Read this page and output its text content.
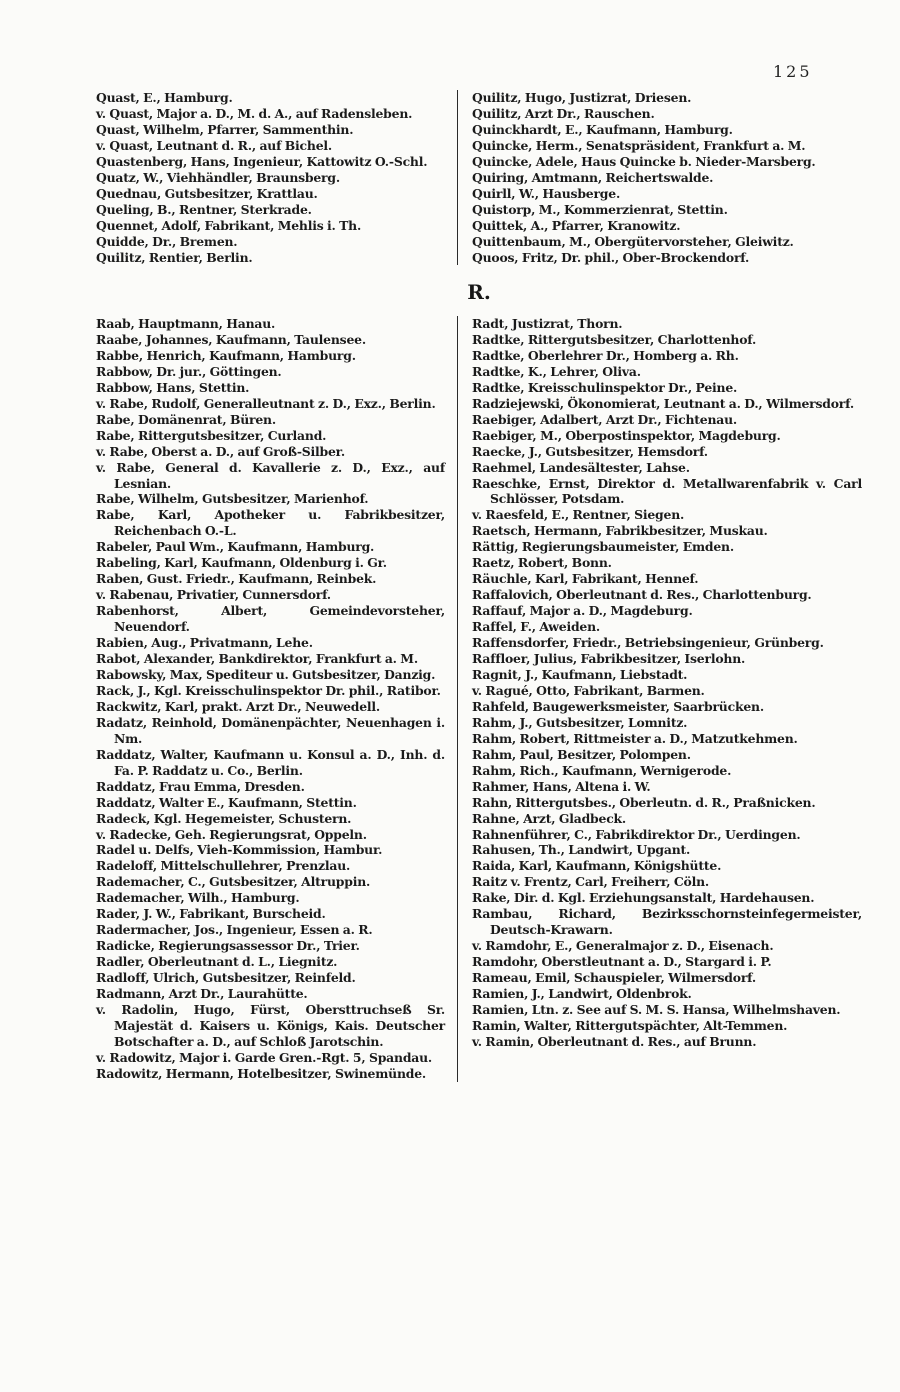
125
Quast, E., Hamburg.
v. Quast, Major a. D., M. d. A., auf Radensleben.
Quast, Wilhelm, Pfarrer, Sammenthin.
v. Quast, Leutnant d. R., auf Bichel.
Quastenberg, Hans, Ingenieur, Kattowitz O.-Schl.
Quatz, W., Viehhändler, Braunsberg.
Quednau, Gutsbesitzer, Krattlau.
Queling, B., Rentner, Sterkrade.
Quennet, Adolf, Fabrikant, Mehlis i. Th.
Quidde, Dr., Bremen.
Quilitz, Rentier, Berlin.
Quilitz, Hugo, Justizrat, Driesen.
Quilitz, Arzt Dr., Rauschen.
Quinckhardt, E., Kaufmann, Hamburg.
Quincke, Herm., Senatspräsident, Frankfurt a. M.
Quincke, Adele, Haus Quincke b. Nieder-Marsberg.
Quiring, Amtmann, Reichertswalde.
Quirll, W., Hausberge.
Quistorp, M., Kommerzienrat, Stettin.
Quittek, A., Pfarrer, Kranowitz.
Quittenbaum, M., Obergütervorsteher, Gleiwitz.
Quoos, Fritz, Dr. phil., Ober-Brockendorf.
R.
Raab, Hauptmann, Hanau.
Raabe, Johannes, Kaufmann, Taulensee.
Rabbe, Henrich, Kaufmann, Hamburg.
Rabbow, Dr. jur., Göttingen.
Rabbow, Hans, Stettin.
v. Rabe, Rudolf, Generalleutnant z. D., Exz., Berlin.
Rabe, Domänenrat, Büren.
Rabe, Rittergutsbesitzer, Curland.
v. Rabe, Oberst a. D., auf Groß-Silber.
v. Rabe, General d. Kavallerie z. D., Exz., auf Lesnian.
Rabe, Wilhelm, Gutsbesitzer, Marienhof.
Rabe, Karl, Apotheker u. Fabrikbesitzer, Reichenbach O.-L.
Rabeler, Paul Wm., Kaufmann, Hamburg.
Rabeling, Karl, Kaufmann, Oldenburg i. Gr.
Raben, Gust. Friedr., Kaufmann, Reinbek.
v. Rabenau, Privatier, Cunnersdorf.
Rabenhorst, Albert, Gemeindevorsteher, Neuendorf.
Rabien, Aug., Privatmann, Lehe.
Rabot, Alexander, Bankdirektor, Frankfurt a. M.
Rabowsky, Max, Spediteur u. Gutsbesitzer, Danzig.
Rack, J., Kgl. Kreisschulinspektor Dr. phil., Ratibor.
Rackwitz, Karl, prakt. Arzt Dr., Neuwedell.
Radatz, Reinhold, Domänenpächter, Neuenhagen i. Nm.
Raddatz, Walter, Kaufmann u. Konsul a. D., Inh. d. Fa. P. Raddatz u. Co., Berlin.
Raddatz, Frau Emma, Dresden.
Raddatz, Walter E., Kaufmann, Stettin.
Radeck, Kgl. Hegemeister, Schustern.
v. Radecke, Geh. Regierungsrat, Oppeln.
Radel u. Delfs, Vieh-Kommission, Hambur.
Radeloff, Mittelschullehrer, Prenzlau.
Rademacher, C., Gutsbesitzer, Altruppin.
Rademacher, Wilh., Hamburg.
Rader, J. W., Fabrikant, Burscheid.
Radermacher, Jos., Ingenieur, Essen a. R.
Radicke, Regierungsassessor Dr., Trier.
Radler, Oberleutnant d. L., Liegnitz.
Radloff, Ulrich, Gutsbesitzer, Reinfeld.
Radmann, Arzt Dr., Laurahütte.
v. Radolin, Hugo, Fürst, Obersttruchseß Sr. Majestät d. Kaisers u. Königs, Kais. Deutscher Botschafter a. D., auf Schloß Jarotschin.
v. Radowitz, Major i. Garde Gren.-Rgt. 5, Spandau.
Radowitz, Hermann, Hotelbesitzer, Swinemünde.
Radt, Justizrat, Thorn.
Radtke, Rittergutsbesitzer, Charlottenhof.
Radtke, Oberlehrer Dr., Homberg a. Rh.
Radtke, K., Lehrer, Oliva.
Radtke, Kreisschulinspektor Dr., Peine.
Radziejewski, Ökonomierat, Leutnant a. D., Wilmersdorf.
Raebiger, Adalbert, Arzt Dr., Fichtenau.
Raebiger, M., Oberpostinspektor, Magdeburg.
Raecke, J., Gutsbesitzer, Hemsdorf.
Raehmel, Landesältester, Lahse.
Raeschke, Ernst, Direktor d. Metallwarenfabrik v. Carl Schlösser, Potsdam.
v. Raesfeld, E., Rentner, Siegen.
Raetsch, Hermann, Fabrikbesitzer, Muskau.
Rättig, Regierungsbaumeister, Emden.
Raetz, Robert, Bonn.
Räuchle, Karl, Fabrikant, Hennef.
Raffalovich, Oberleutnant d. Res., Charlottenburg.
Raffauf, Major a. D., Magdeburg.
Raffel, F., Aweiden.
Raffensdorfer, Friedr., Betriebsingenieur, Grünberg.
Raffloer, Julius, Fabrikbesitzer, Iserlohn.
Ragnit, J., Kaufmann, Liebstadt.
v. Ragué, Otto, Fabrikant, Barmen.
Rahfeld, Baugewerksmeister, Saarbrücken.
Rahm, J., Gutsbesitzer, Lomnitz.
Rahm, Robert, Rittmeister a. D., Matzutkehmen.
Rahm, Paul, Besitzer, Polompen.
Rahm, Rich., Kaufmann, Wernigerode.
Rahmer, Hans, Altena i. W.
Rahn, Rittergutsbes., Oberleutn. d. R., Praßnicken.
Rahne, Arzt, Gladbeck.
Rahnenführer, C., Fabrikdirektor Dr., Uerdingen.
Rahusen, Th., Landwirt, Upgant.
Raida, Karl, Kaufmann, Königshütte.
Raitz v. Frentz, Carl, Freiherr, Cöln.
Rake, Dir. d. Kgl. Erziehungsanstalt, Hardehausen.
Rambau, Richard, Bezirksschornsteinfegermeister, Deutsch-Krawarn.
v. Ramdohr, E., Generalmajor z. D., Eisenach.
Ramdohr, Oberstleutnant a. D., Stargard i. P.
Rameau, Emil, Schauspieler, Wilmersdorf.
Ramien, J., Landwirt, Oldenbrok.
Ramien, Ltn. z. See auf S. M. S. Hansa, Wilhelmshaven.
Ramin, Walter, Rittergutspächter, Alt-Temmen.
v. Ramin, Oberleutnant d. Res., auf Brunn.
